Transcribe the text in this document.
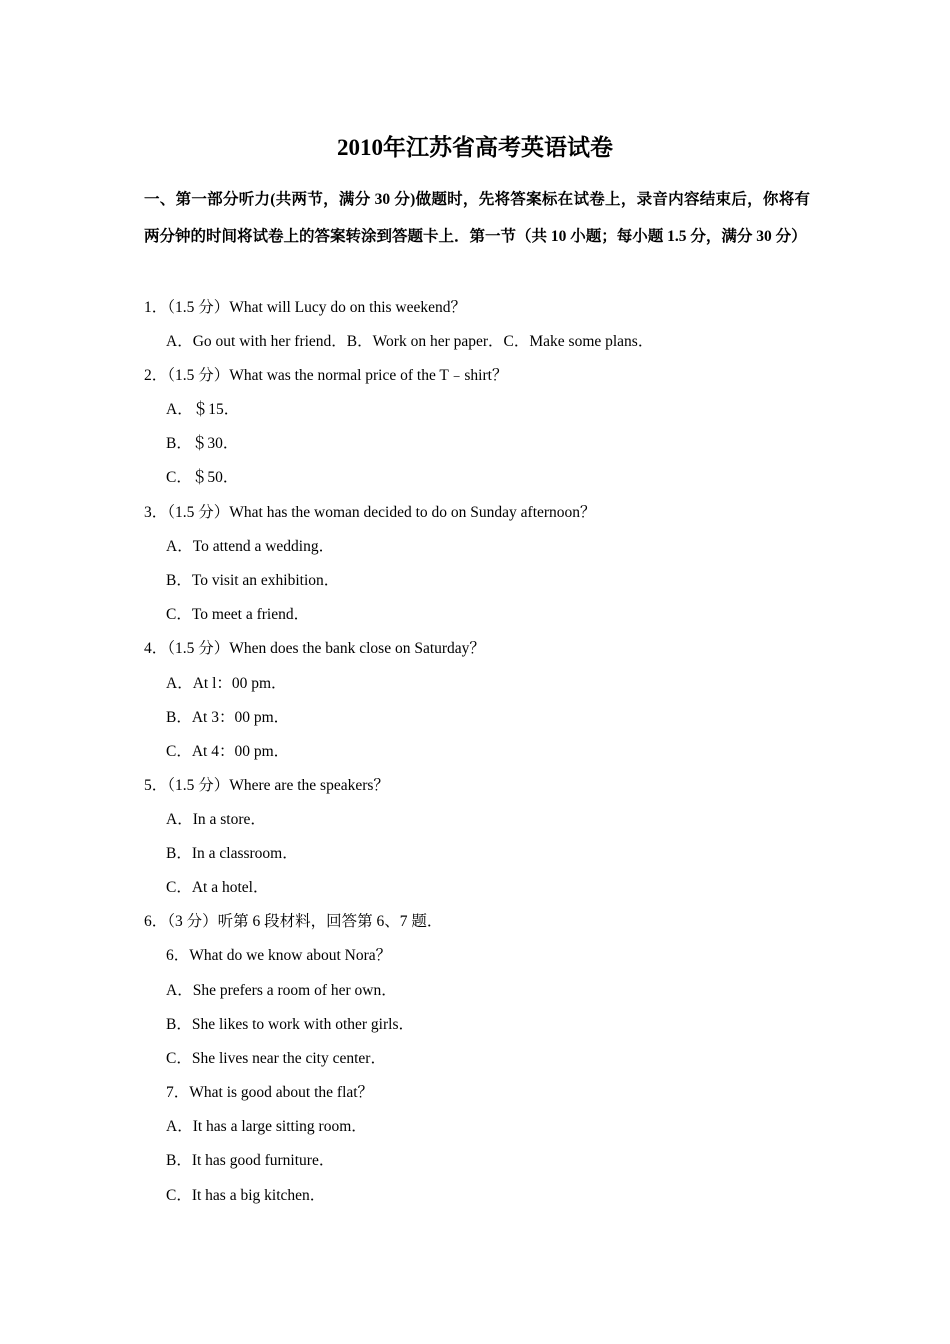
2010年江苏省高考英语试卷
一、第一部分听力(共两节，满分 30 分)做题时，先将答案标在试卷上，录音内容结束后，你将有两分钟的时间将试卷上的答案转涂到答题卡上．第一节（共 10 小题；每小题 1.5 分，满分 30 分）
1．（1.5 分）What will Lucy do on this weekend？
A．Go out with her friend．B．Work on her paper．C．Make some plans．
2．（1.5 分）What was the normal price of the T﹣shirt？
A．＄15．
B．＄30．
C．＄50．
3．（1.5 分）What has the woman decided to do on Sunday afternoon？
A．To attend a wedding．
B．To visit an exhibition．
C．To meet a friend．
4．（1.5 分）When does the bank close on Saturday？
A．At l：00 pm．
B．At 3：00 pm．
C．At 4：00 pm．
5．（1.5 分）Where are the speakers？
A．In a store．
B．In a classroom．
C．At a hotel．
6．（3 分）听第 6 段材料，回答第 6、7 题．
6．What do we know about Nora？
A．She prefers a room of her own．
B．She likes to work with other girls．
C．She lives near the city center．
7．What is good about the flat？
A．It has a large sitting room．
B．It has good furniture．
C．It has a big kitchen．
